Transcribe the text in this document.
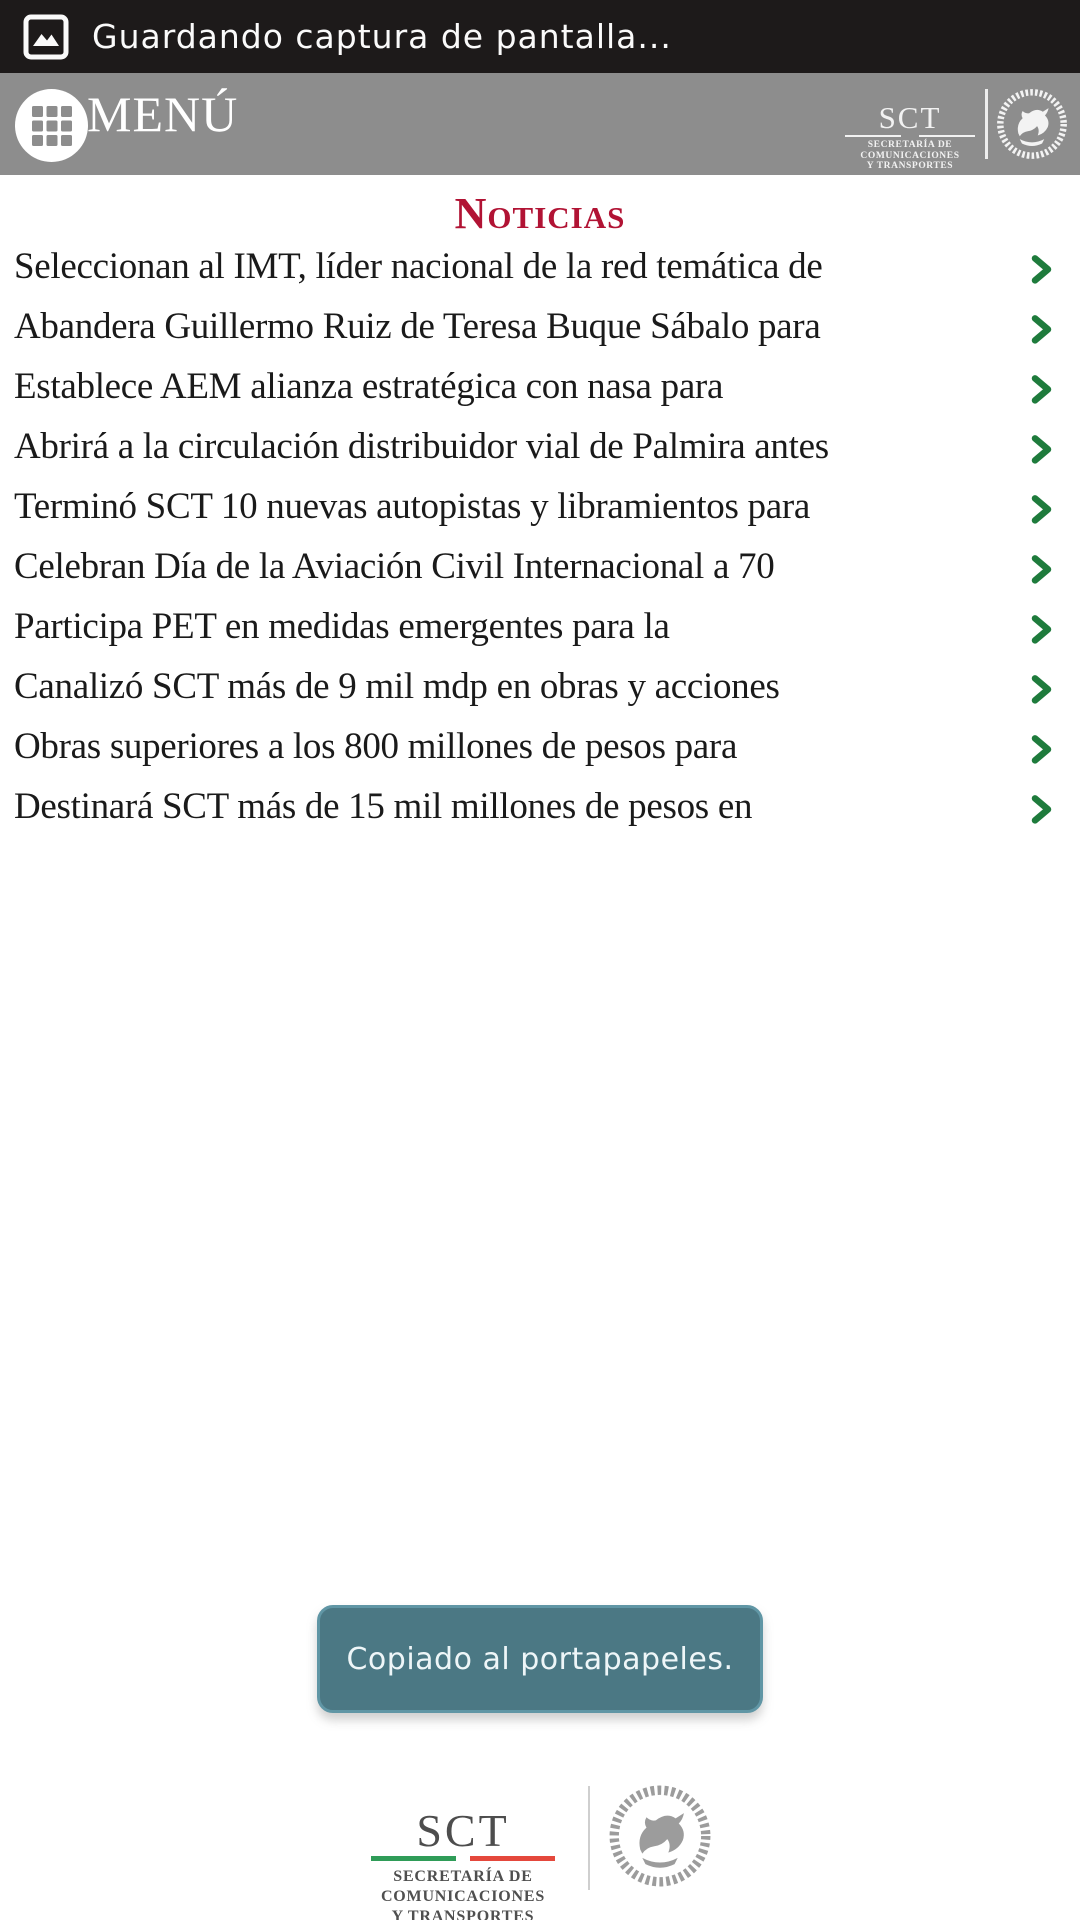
Guardando captura de pantalla...
MENÚ	SCT
SECRETARÍA DE
COMUNICACIONES
Y TRANSPORTES
Noticias
Seleccionan al IMT, líder nacional de la red temática de
Abandera Guillermo Ruiz de Teresa Buque Sábalo para
Establece AEM alianza estratégica con nasa para
Abrirá a la circulación distribuidor vial de Palmira antes
Terminó SCT 10 nuevas autopistas y libramientos para
Celebran Día de la Aviación Civil Internacional a 70
Participa PET en medidas emergentes para la
Canalizó SCT más de 9 mil mdp en obras y acciones
Obras superiores a los 800 millones de pesos para
Destinará SCT más de 15 mil millones de pesos en
Copiado al portapapeles.
SCT
SECRETARÍA DE
COMUNICACIONES
Y TRANSPORTES
